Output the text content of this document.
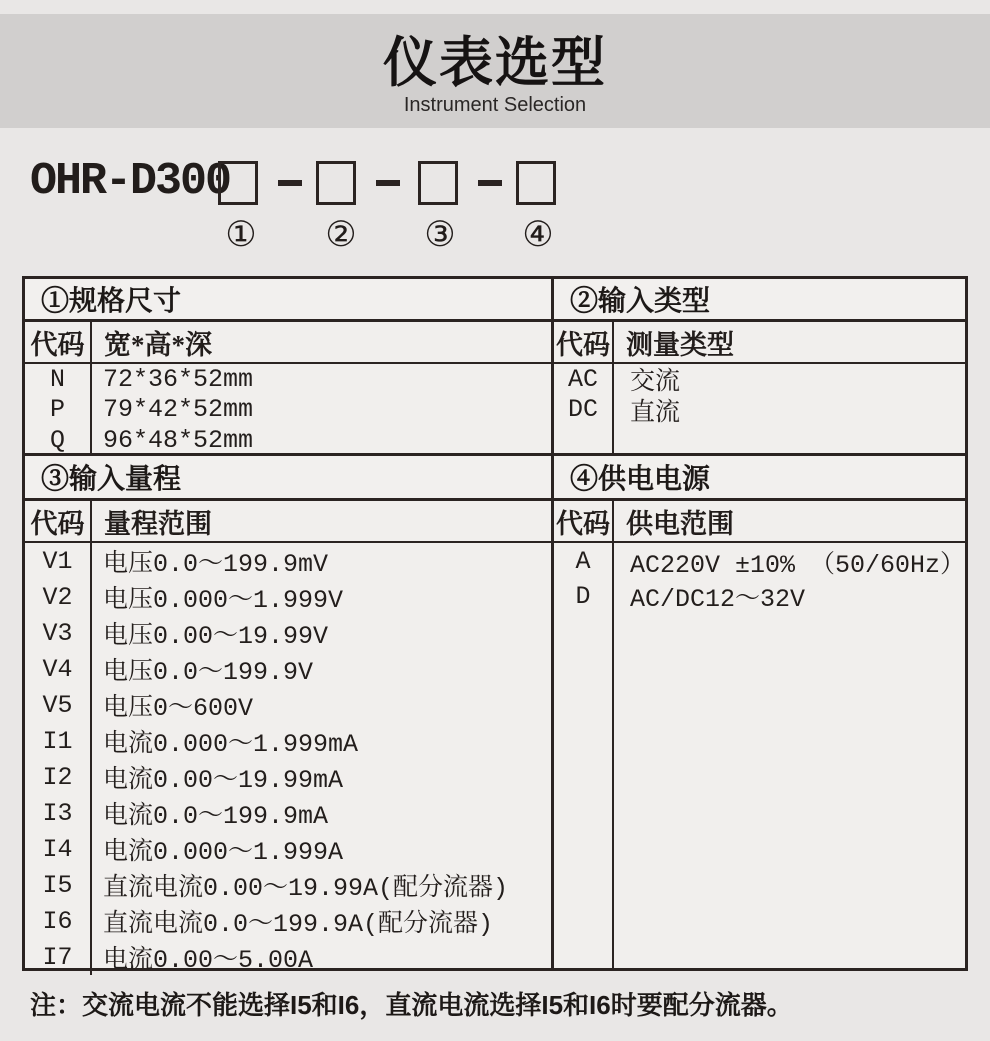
仪表选型
Instrument Selection
OHR-D300
① ② ③ ④
①规格尺寸
代码 宽*高*深
N
P
Q
72*36*52mm
79*42*52mm
96*48*52mm
③输入量程
代码 量程范围
V1
V2
V3
V4
V5
I1
I2
I3
I4
I5
I6
I7
电压0.0～199.9mV
电压0.000～1.999V
电压0.00～19.99V
电压0.0～199.9V
电压0～600V
电流0.000～1.999mA
电流0.00～19.99mA
电流0.0～199.9mA
电流0.000～1.999A
直流电流0.00～19.99A(配分流器)
直流电流0.0～199.9A(配分流器)
电流0.00～5.00A
②输入类型
代码 测量类型
AC
DC
交流
直流
④供电电源
代码 供电范围
A
D
AC220V ±10% （50/60Hz）
AC/DC12～32V
注：交流电流不能选择I5和I6，直流电流选择I5和I6时要配分流器。
